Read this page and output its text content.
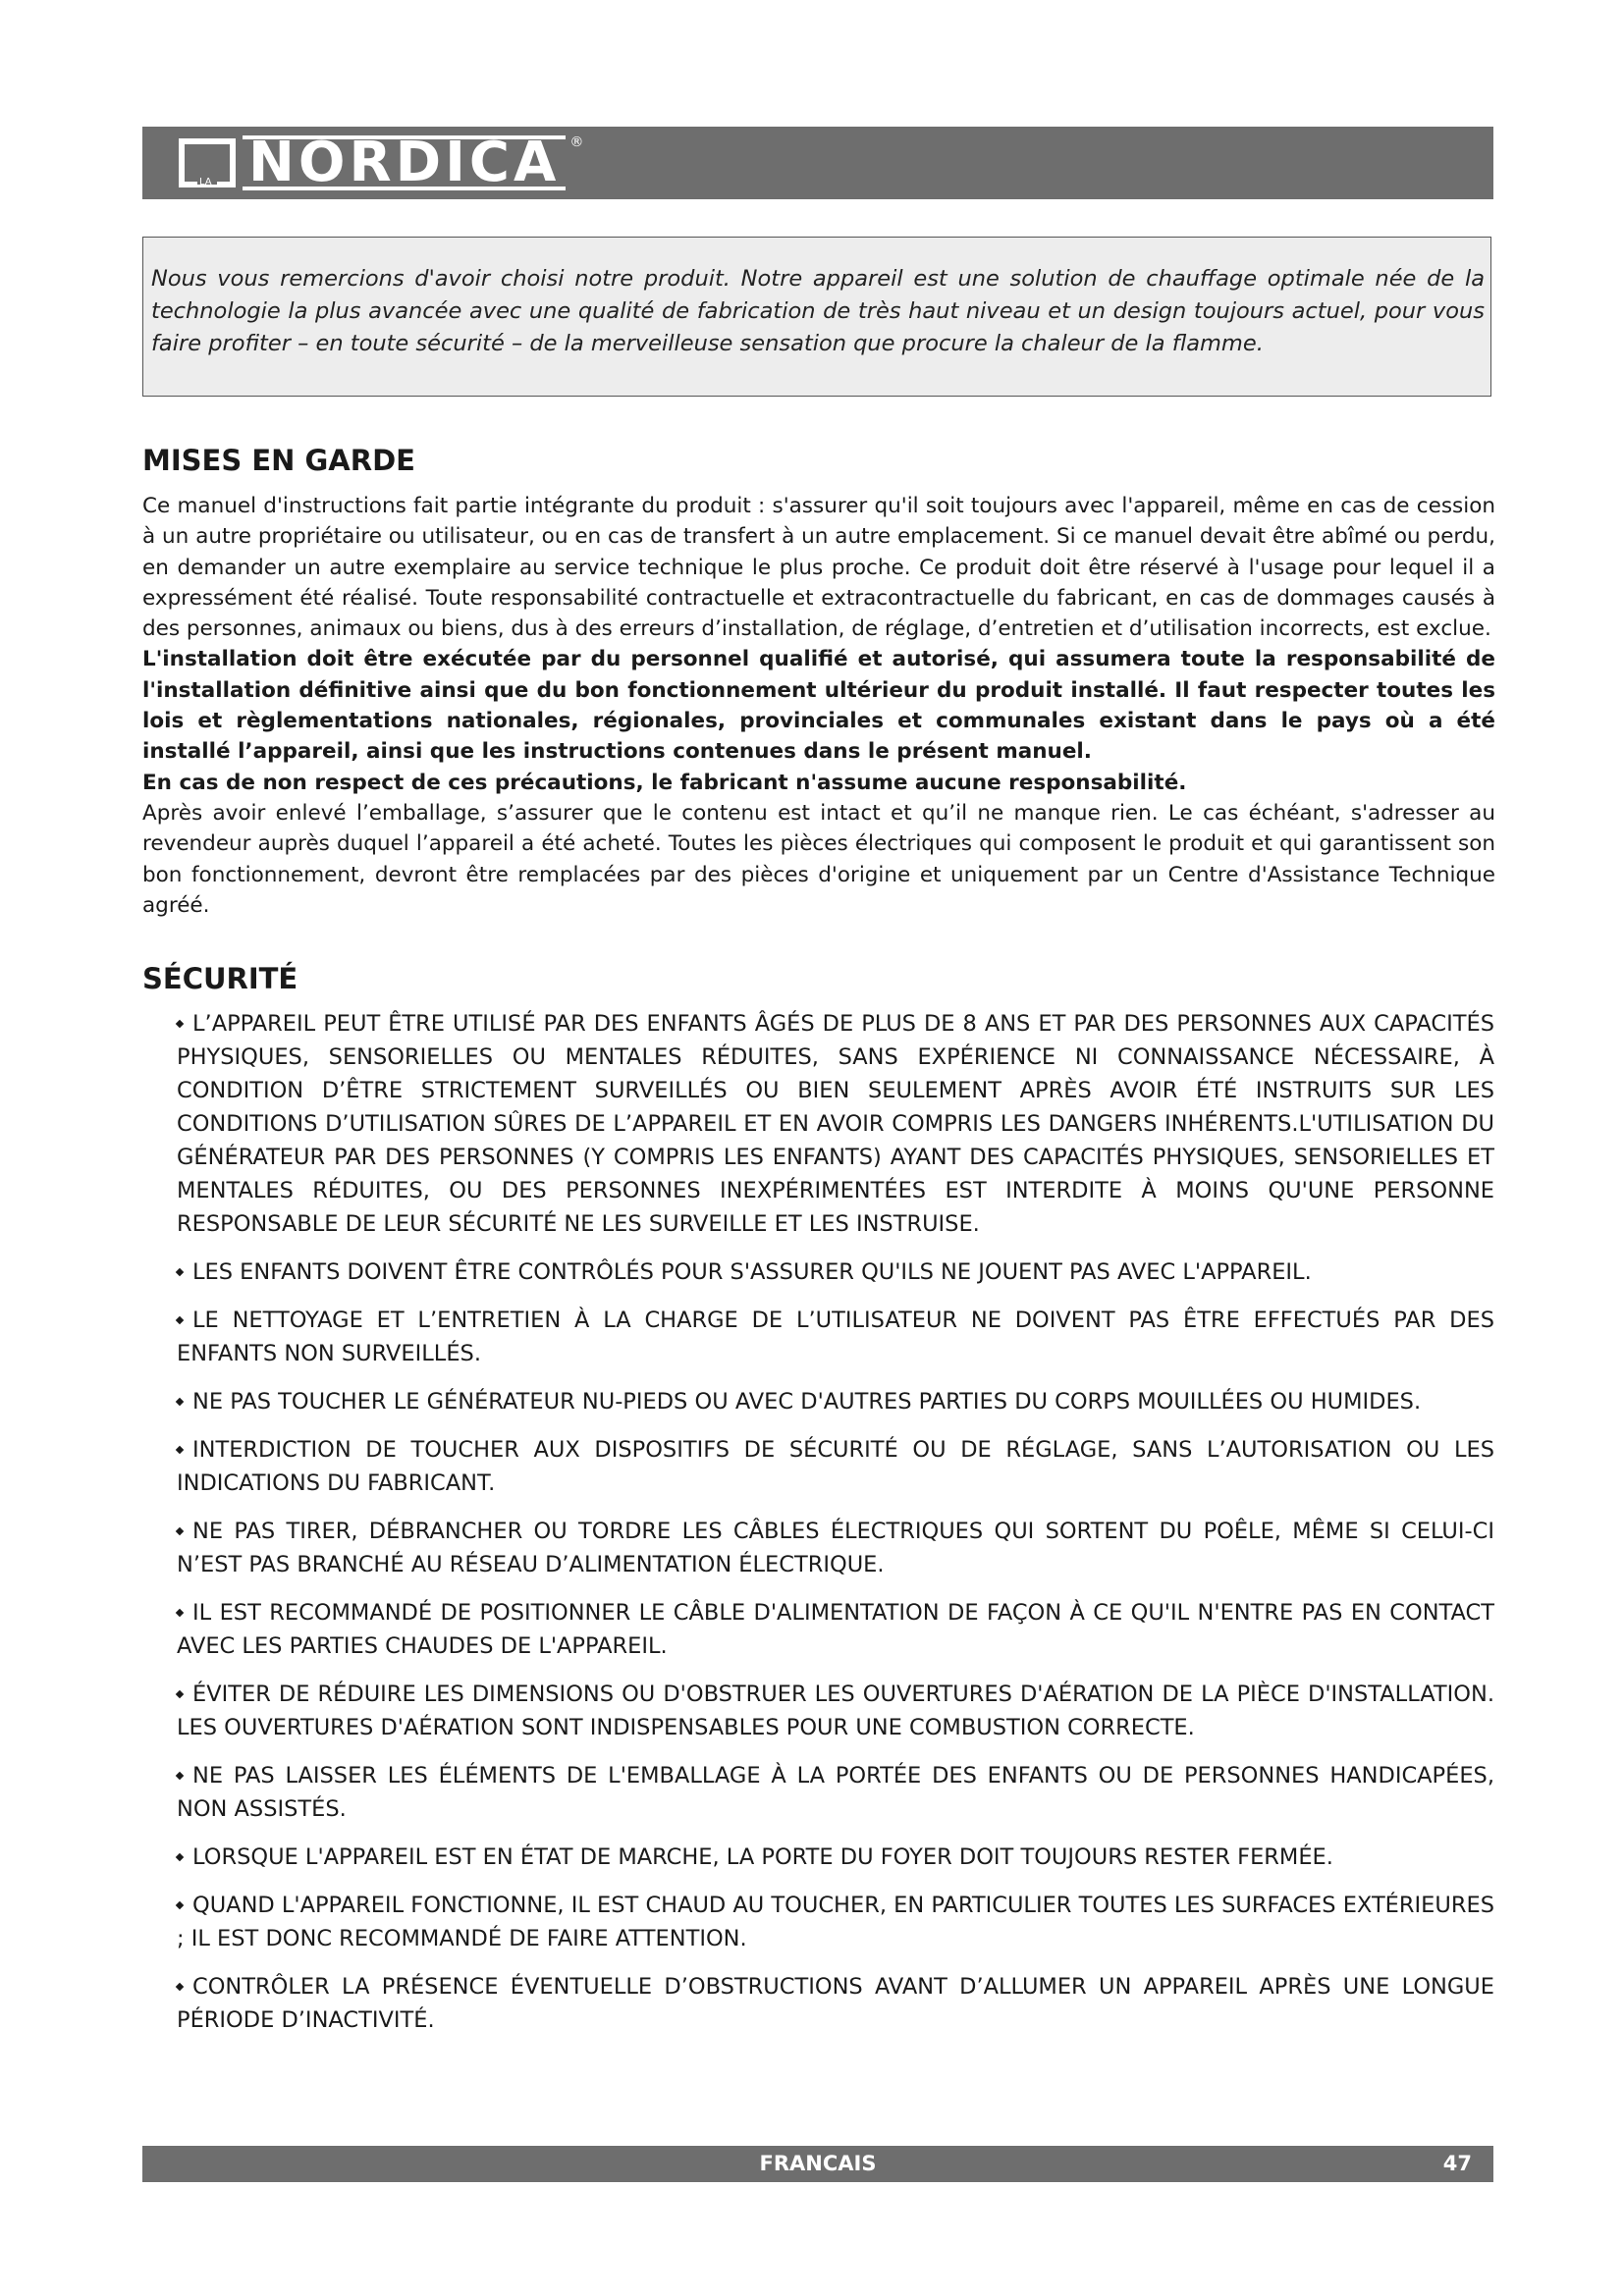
LA NORDICA ®

Nous vous remercions d'avoir choisi notre produit. Notre appareil est une solution de chauffage optimale née de la technologie la plus avancée avec une qualité de fabrication de très haut niveau et un design toujours actuel, pour vous faire profiter – en toute sécurité – de la merveilleuse sensation que procure la chaleur de la flamme.

MISES EN GARDE

Ce manuel d'instructions fait partie intégrante du produit : s'assurer qu'il soit toujours avec l'appareil, même en cas de cession à un autre propriétaire ou utilisateur, ou en cas de transfert à un autre emplacement. Si ce manuel devait être abîmé ou perdu, en demander un autre exemplaire au service technique le plus proche. Ce produit doit être réservé à l'usage pour lequel il a expressément été réalisé. Toute responsabilité contractuelle et extracontractuelle du fabricant, en cas de dommages causés à des personnes, animaux ou biens, dus à des erreurs d’installation, de réglage, d’entretien et d’utilisation incorrects, est exclue.

L'installation doit être exécutée par du personnel qualifié et autorisé, qui assumera toute la responsabilité de l'installation définitive ainsi que du bon fonctionnement ultérieur du produit installé. Il faut respecter toutes les lois et règlementations nationales, régionales, provinciales et communales existant dans le pays où a été installé l’appareil, ainsi que les instructions contenues dans le présent manuel.

En cas de non respect de ces précautions, le fabricant n'assume aucune responsabilité.

Après avoir enlevé l’emballage, s’assurer que le contenu est intact et qu’il ne manque rien. Le cas échéant, s'adresser au revendeur auprès duquel l’appareil a été acheté. Toutes les pièces électriques qui composent le produit et qui garantissent son bon fonctionnement, devront être remplacées par des pièces d'origine et uniquement par un Centre d'Assistance Technique agréé.

SÉCURITÉ
L’APPAREIL PEUT ÊTRE UTILISÉ PAR DES ENFANTS ÂGÉS DE PLUS DE 8 ANS ET PAR DES PERSONNES AUX CAPACITÉS PHYSIQUES, SENSORIELLES OU MENTALES RÉDUITES, SANS EXPÉRIENCE NI CONNAISSANCE NÉCESSAIRE, À CONDITION D’ÊTRE STRICTEMENT SURVEILLÉS OU BIEN SEULEMENT APRÈS AVOIR ÉTÉ INSTRUITS SUR LES CONDITIONS D’UTILISATION SÛRES DE L’APPAREIL ET EN AVOIR COMPRIS LES DANGERS INHÉRENTS.L'UTILISATION DU GÉNÉRATEUR PAR DES PERSONNES (Y COMPRIS LES ENFANTS) AYANT DES CAPACITÉS PHYSIQUES, SENSORIELLES ET MENTALES RÉDUITES, OU DES PERSONNES INEXPÉRIMENTÉES EST INTERDITE À MOINS QU'UNE PERSONNE RESPONSABLE DE LEUR SÉCURITÉ NE LES SURVEILLE ET LES INSTRUISE.
LES ENFANTS DOIVENT ÊTRE CONTRÔLÉS POUR S'ASSURER QU'ILS NE JOUENT PAS AVEC L'APPAREIL.
LE NETTOYAGE ET L’ENTRETIEN À LA CHARGE DE L’UTILISATEUR NE DOIVENT PAS ÊTRE EFFECTUÉS PAR DES ENFANTS NON SURVEILLÉS.
NE PAS TOUCHER LE GÉNÉRATEUR NU-PIEDS OU AVEC D'AUTRES PARTIES DU CORPS MOUILLÉES OU HUMIDES.
INTERDICTION DE TOUCHER AUX DISPOSITIFS DE SÉCURITÉ OU DE RÉGLAGE, SANS L’AUTORISATION OU LES INDICATIONS DU FABRICANT.
NE PAS TIRER, DÉBRANCHER OU TORDRE LES CÂBLES ÉLECTRIQUES QUI SORTENT DU POÊLE, MÊME SI CELUI-CI N’EST PAS BRANCHÉ AU RÉSEAU D’ALIMENTATION ÉLECTRIQUE.
IL EST RECOMMANDÉ DE POSITIONNER LE CÂBLE D'ALIMENTATION DE FAÇON À CE QU'IL N'ENTRE PAS EN CONTACT AVEC LES PARTIES CHAUDES DE L'APPAREIL.
ÉVITER DE RÉDUIRE LES DIMENSIONS OU D'OBSTRUER LES OUVERTURES D'AÉRATION DE LA PIÈCE D'INSTALLATION. LES OUVERTURES D'AÉRATION SONT INDISPENSABLES POUR UNE COMBUSTION CORRECTE.
NE PAS LAISSER LES ÉLÉMENTS DE L'EMBALLAGE À LA PORTÉE DES ENFANTS OU DE PERSONNES HANDICAPÉES, NON ASSISTÉS.
LORSQUE L'APPAREIL EST EN ÉTAT DE MARCHE, LA PORTE DU FOYER DOIT TOUJOURS RESTER FERMÉE.
QUAND L'APPAREIL FONCTIONNE, IL EST CHAUD AU TOUCHER, EN PARTICULIER TOUTES LES SURFACES EXTÉRIEURES ; IL EST DONC RECOMMANDÉ DE FAIRE ATTENTION.
CONTRÔLER LA PRÉSENCE ÉVENTUELLE D’OBSTRUCTIONS AVANT D’ALLUMER UN APPAREIL APRÈS UNE LONGUE PÉRIODE D’INACTIVITÉ.
FRANCAIS	47
